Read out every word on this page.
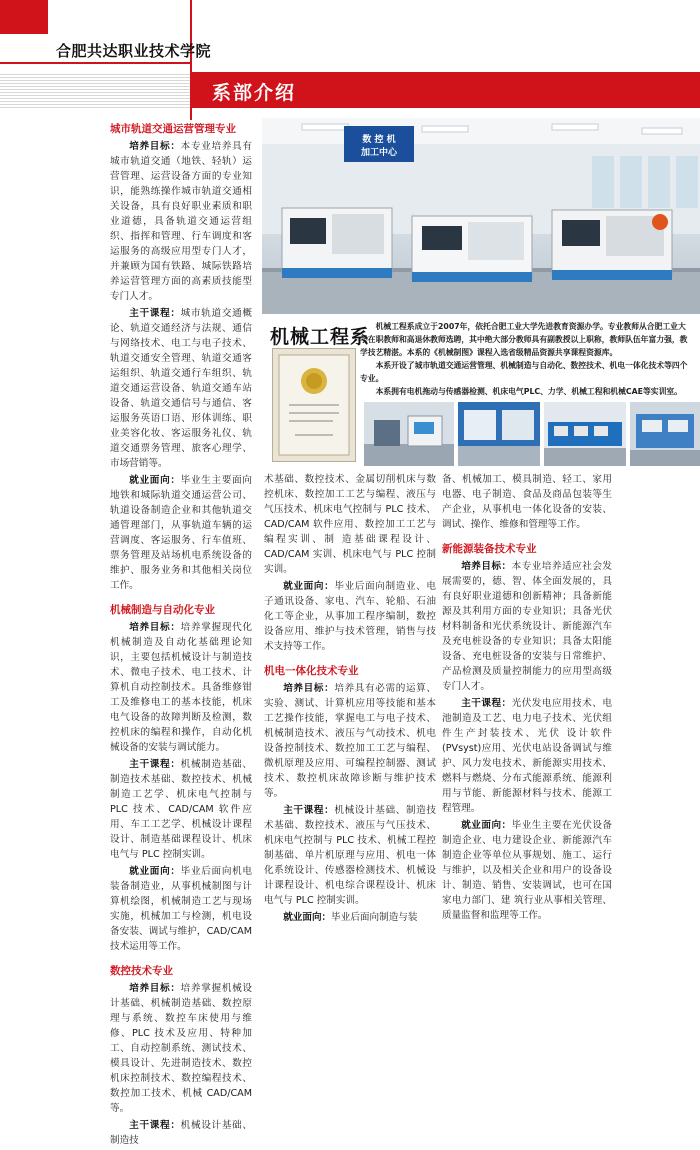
合肥共达职业技术学院
系部介绍
数 控 机
加工中心
机械工程系 机械工程系成立于2007年，依托合肥工业大学先进教育资源办学。专业教师从合肥工业大学在职教师和高退休教师选聘，其中绝大部分教师具有副教授以上职称，教师队伍年富力强，教学技艺精湛。本系的《机械制图》课程入选省级精品资源共享课程资源库。

本系开设了城市轨道交通运营管理、机械制造与自动化、数控技术、机电一体化技术等四个专业。

本系拥有电机拖动与传感器检测、机床电气PLC、力学、机械工程和机械CAE等实训室。

城市轨道交通运营管理专业

培养目标：本专业培养具有城市轨道交通（地铁、轻轨）运营管理、运营设备方面的专业知识，能熟练操作城市轨道交通相关设备，具有良好职业素质和职业道德，具备轨道交通运营组织、指挥和管理、行车调度和客运服务的高级应用型专门人才，并兼顾为国有铁路、城际铁路培养运营管理方面的高素质技能型专门人才。

主干课程：城市轨道交通概论、轨道交通经济与法规、通信与网络技术、电工与电子技术、轨道交通安全管理、轨道交通客运组织、轨道交通行车组织、轨道交通运营设备、轨道交通车站设备、轨道交通信号与通信、客运服务英语口语、形体训练、职业美容化妆、客运服务礼仪、轨道交通票务管理、旅客心理学、市场营销等。

就业面向：毕业生主要面向地铁和城际轨道交通运营公司、轨道设备制造企业和其他轨道交通管理部门，从事轨道车辆的运营调度、客运服务、行车值班、票务管理及站场机电系统设备的维护、服务业务和其他相关岗位工作。

机械制造与自动化专业

培养目标：培养掌握现代化机械制造及自动化基础理论知识，主要包括机械设计与制造技术、微电子技术、电工技术、计算机自动控制技术。具备维修钳工及维修电工的基本技能，机床电气设备的故障判断及检测，数控机床的编程和操作，自动化机械设备的安装与调试能力。

主干课程：机械制造基础、制造技术基础、数控技术、机械制造工艺学、机床电气控制与 PLC 技术、CAD/CAM 软件应用、车工工艺学、机械设计课程设计、制造基础课程设计、机床电气与 PLC 控制实训。

就业面向：毕业后面向机电装备制造业，从事机械制图与计算机绘图，机械制造工艺与现场实施，机械加工与检测，机电设备安装、调试与维护，CAD/CAM 技术运用等工作。

数控技术专业

培养目标：培养掌握机械设计基础、机械制造基础、数控原理与系统、数控车床使用与维修、PLC 技术及应用、特种加工、自动控制系统、测试技术、模具设计、先进制造技术、数控机床控制技术、数控编程技术、数控加工技术、机械 CAD/CAM 等。

主干课程：机械设计基础、制造技

术基础、数控技术、金属切削机床与数控机床、数控加工工艺与编程、液压与气压技术、机床电气控制与 PLC 技术、CAD/CAM 软件应用、数控加工工艺与编程实训、制 造基础课程设计、CAD/CAM 实训、机床电气与 PLC 控制实训。

就业面向：毕业后面向制造业、电子通讯设备、家电、汽车、轮船、石油化工等企业，从事加工程序编制，数控设备应用、维护与技术管理，销售与技术支持等工作。

机电一体化技术专业

培养目标：培养具有必需的运算、实验、测试、计算机应用等技能和基本工艺操作技能，掌握电工与电子技术、机械制造技术、液压与气动技术、机电设备控制技术、数控加工工艺与编程、微机原理及应用、可编程控制器、测试技术、数控机床故障诊断与维护技术等。

主干课程：机械设计基础、制造技术基础、数控技术、液压与气压技术、机床电气控制与 PLC 技术、机械工程控制基础、单片机原理与应用、机电一体化系统设计、传感器检测技术、机械设计课程设计、机电综合课程设计、机床电气与 PLC 控制实训。

就业面向：毕业后面向制造与装

备、机械加工、模具制造、轻工、家用电器、电子制造、食品及商品包装等生产企业，从事机电一体化设备的安装、调试、操作、维修和管理等工作。

新能源装备技术专业

培养目标：本专业培养适应社会发展需要的，德、智、体全面发展的，具有良好职业道德和创新精神；具备新能源及其利用方面的专业知识；具备光伏材料制备和光伏系统设计、新能源汽车及充电桩设备的专业知识；具备太阳能设备、充电桩设备的安装与日常维护、产品检测及质量控制能力的应用型高级专门人才。

主干课程：光伏发电应用技术、电池制造及工艺、电力电子技术、光伏组件生产封装技术、光伏 设计软件(PVsyst)应用、光伏电站设备调试与维护、风力发电技术、新能源实用技术、燃料与燃烧、分布式能源系统、能源利用与节能、新能源材料与技术、能源工程管理。

就业面向：毕业生主要在光伏设备制造企业、电力建设企业、新能源汽车制造企业等单位从事规划、施工、运行与维护，以及相关企业和用户的设备设计、制造、销售、安装调试，也可在国家电力部门、建 筑行业从事相关管理、质量监督和监理等工作。
